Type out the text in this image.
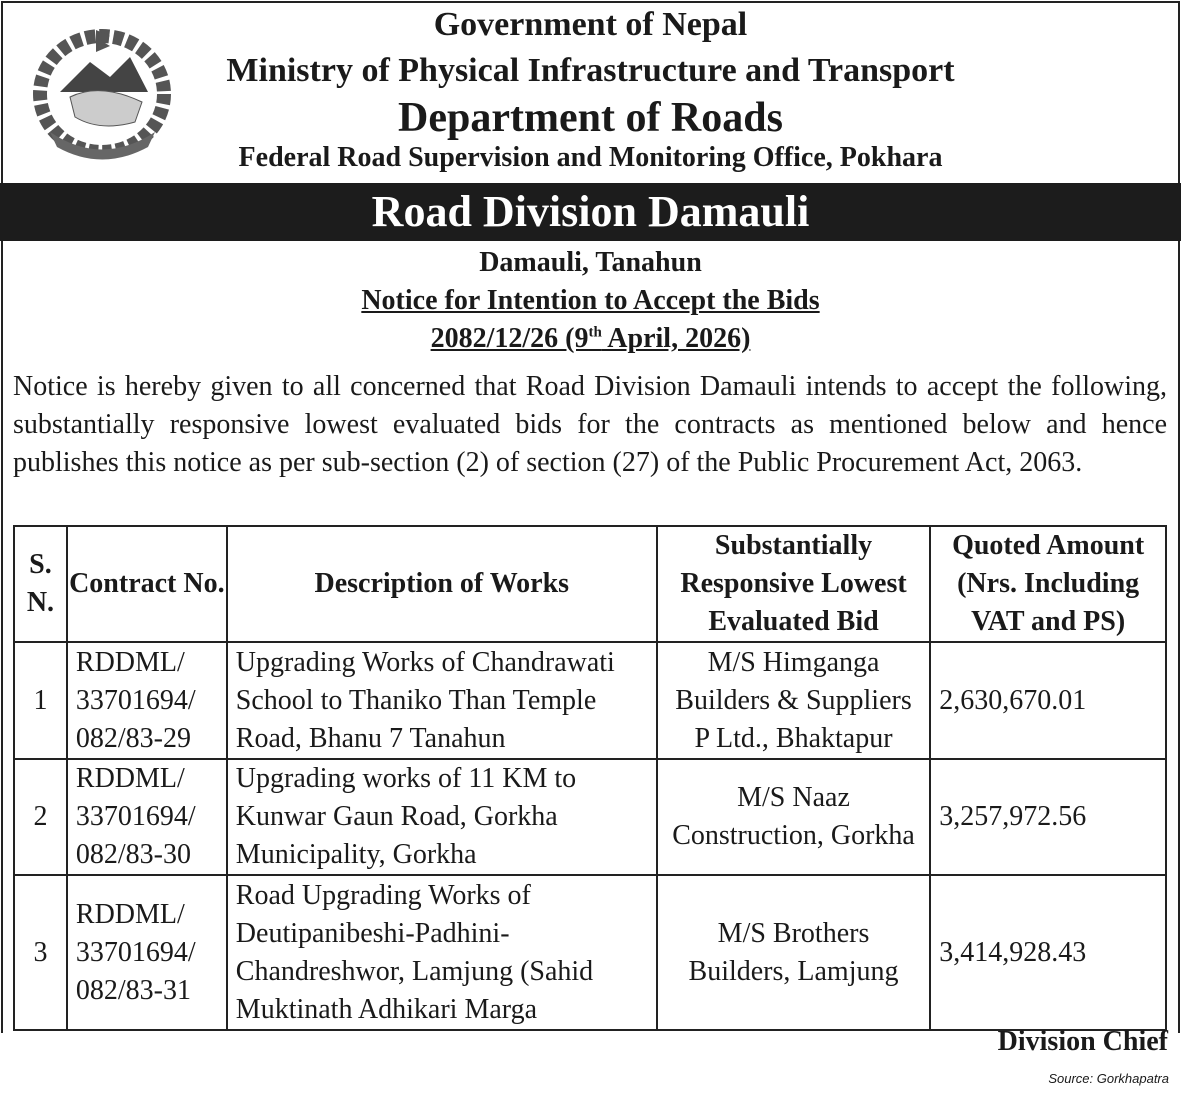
Government of Nepal
Ministry of Physical Infrastructure and Transport
Department of Roads
Federal Road Supervision and Monitoring Office, Pokhara
Road Division Damauli
Damauli, Tanahun
Notice for Intention to Accept the Bids
2082/12/26 (9th April, 2026)
Notice is hereby given to all concerned that Road Division Damauli intends to accept the following, substantially responsive lowest evaluated bids for the contracts as mentioned below and hence publishes this notice as per sub-section (2) of section (27) of the Public Procurement Act, 2063.
S. N.	Contract No.	Description of Works	Substantially Responsive Lowest Evaluated Bid	Quoted Amount (Nrs. Including VAT and PS)
1	RDDML/ 33701694/ 082/83-29	Upgrading Works of Chandrawati School to Thaniko Than Temple Road, Bhanu 7 Tanahun	M/S Himganga Builders & Suppliers P Ltd., Bhaktapur	2,630,670.01
2	RDDML/ 33701694/ 082/83-30	Upgrading works of 11 KM to Kunwar Gaun Road, Gorkha Municipality, Gorkha	M/S Naaz Construction, Gorkha	3,257,972.56
3	RDDML/ 33701694/ 082/83-31	Road Upgrading Works of Deutipanibeshi-Padhini-Chandreshwor, Lamjung (Sahid Muktinath Adhikari Marga	M/S Brothers Builders, Lamjung	3,414,928.43
Division Chief
Source: Gorkhapatra
